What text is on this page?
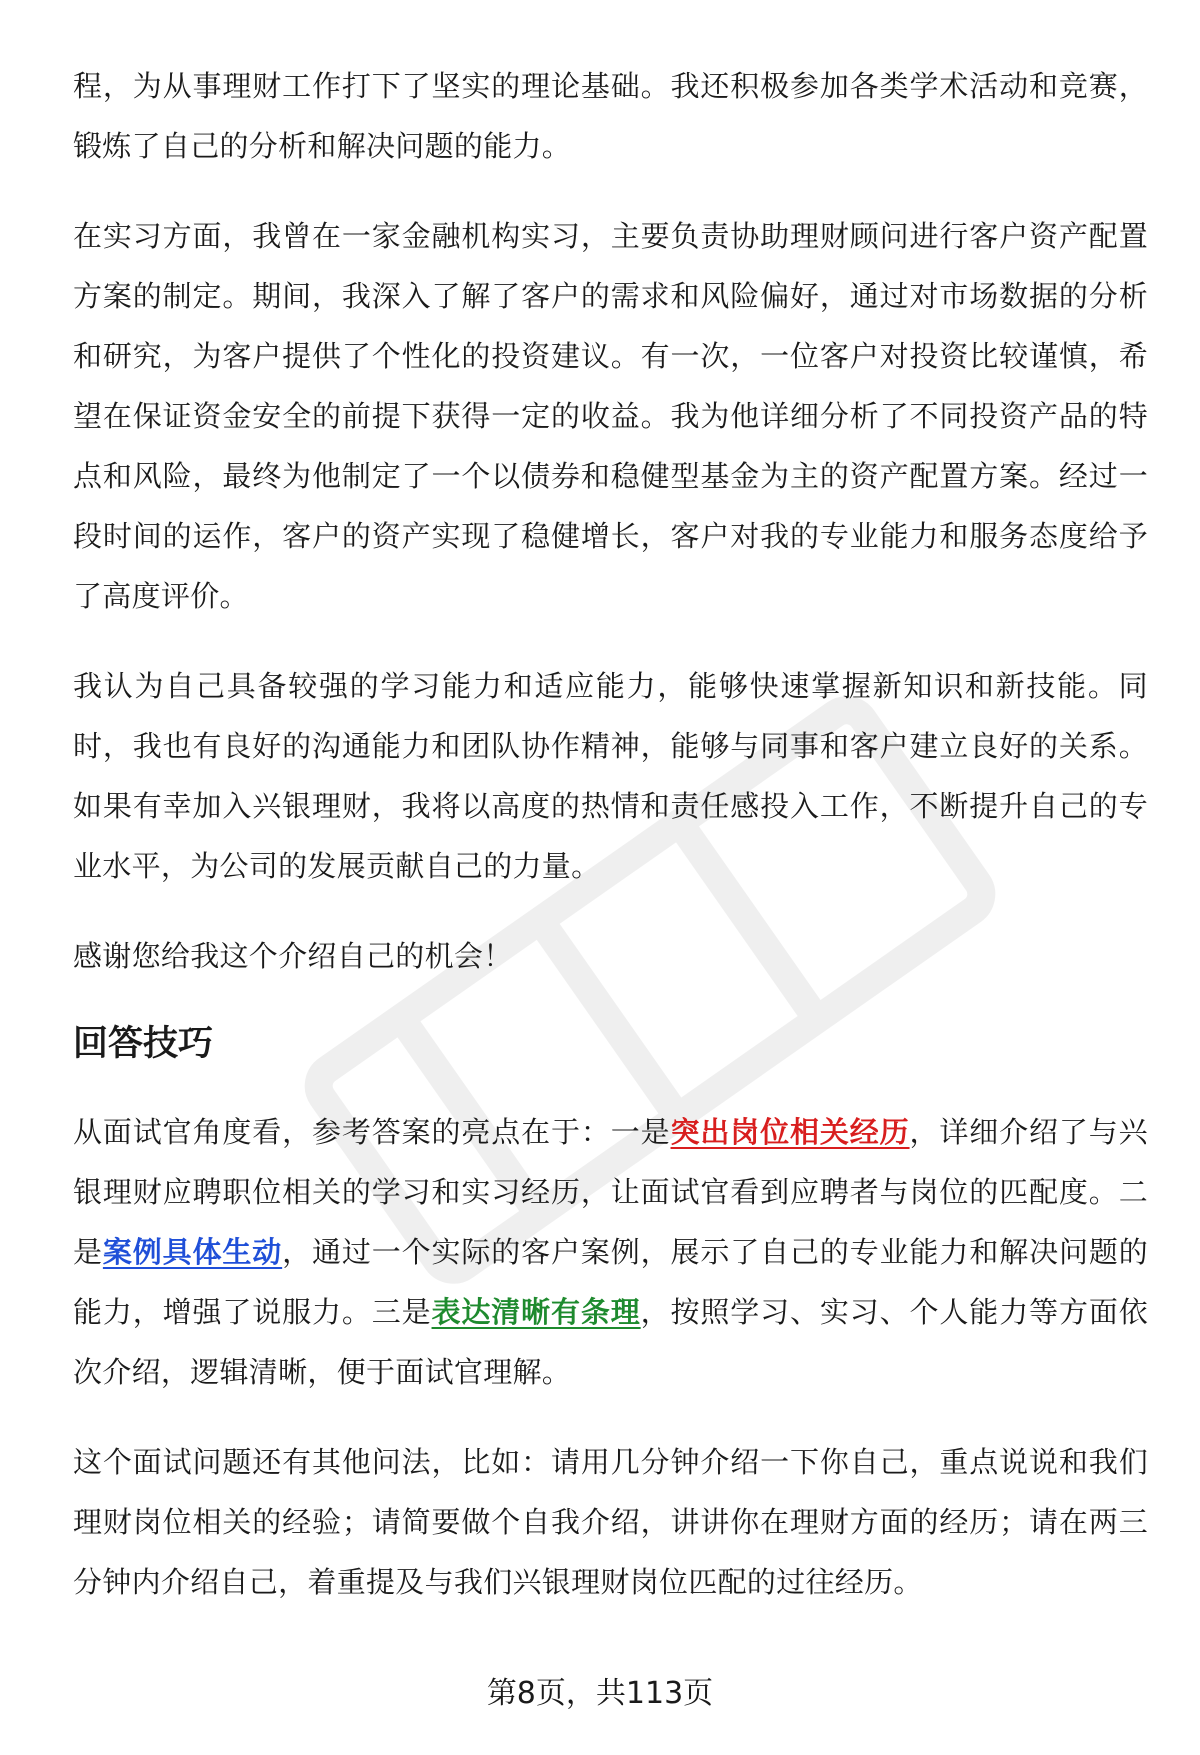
程，为从事理财工作打下了坚实的理论基础。我还积极参加各类学术活动和竞赛，锻炼了自己的分析和解决问题的能力。

在实习方面，我曾在一家金融机构实习，主要负责协助理财顾问进行客户资产配置方案的制定。期间，我深入了解了客户的需求和风险偏好，通过对市场数据的分析和研究，为客户提供了个性化的投资建议。有一次，一位客户对投资比较谨慎，希望在保证资金安全的前提下获得一定的收益。我为他详细分析了不同投资产品的特点和风险，最终为他制定了一个以债券和稳健型基金为主的资产配置方案。经过一段时间的运作，客户的资产实现了稳健增长，客户对我的专业能力和服务态度给予了高度评价。

我认为自己具备较强的学习能力和适应能力，能够快速掌握新知识和新技能。同时，我也有良好的沟通能力和团队协作精神，能够与同事和客户建立良好的关系。如果有幸加入兴银理财，我将以高度的热情和责任感投入工作，不断提升自己的专业水平，为公司的发展贡献自己的力量。

感谢您给我这个介绍自己的机会！

回答技巧

从面试官角度看，参考答案的亮点在于：一是突出岗位相关经历，详细介绍了与兴银理财应聘职位相关的学习和实习经历，让面试官看到应聘者与岗位的匹配度。二是案例具体生动，通过一个实际的客户案例，展示了自己的专业能力和解决问题的能力，增强了说服力。三是表达清晰有条理，按照学习、实习、个人能力等方面依次介绍，逻辑清晰，便于面试官理解。

这个面试问题还有其他问法，比如：请用几分钟介绍一下你自己，重点说说和我们理财岗位相关的经验；请简要做个自我介绍，讲讲你在理财方面的经历；请在两三分钟内介绍自己，着重提及与我们兴银理财岗位匹配的过往经历。

第8页，共113页
